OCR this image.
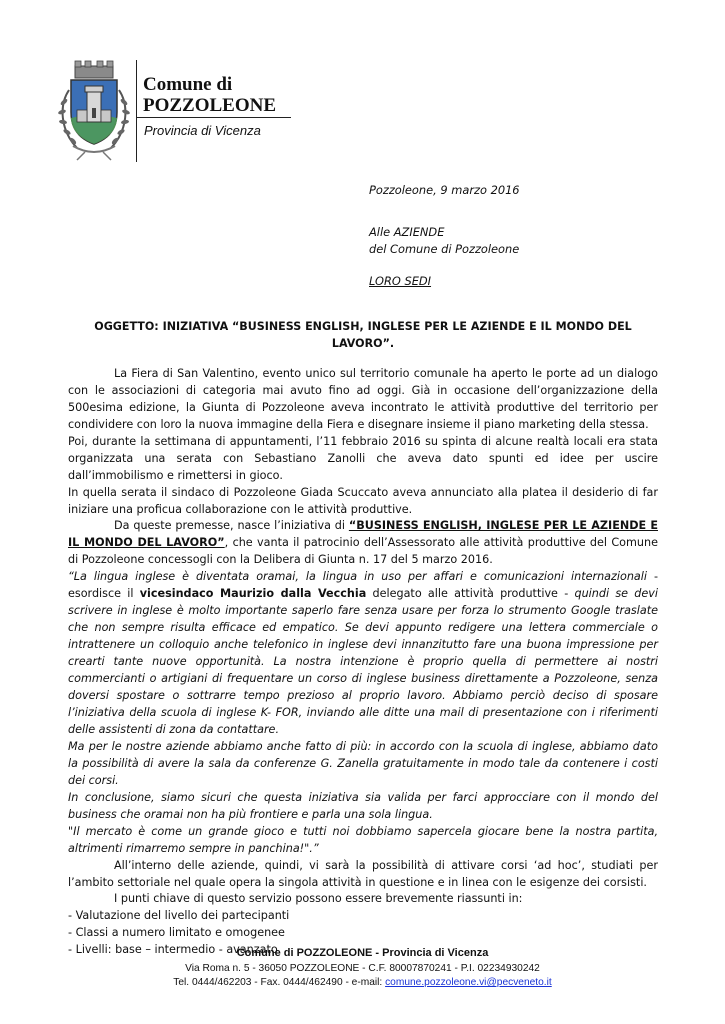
Comune di
POZZOLEONE
Provincia di Vicenza
Pozzoleone, 9 marzo 2016
Alle AZIENDE
del Comune di Pozzoleone
LORO SEDI

OGGETTO: INIZIATIVA “BUSINESS ENGLISH, INGLESE PER LE AZIENDE E IL MONDO DEL LAVORO”.

La Fiera di San Valentino, evento unico sul territorio comunale ha aperto le porte ad un dialogo con le associazioni di categoria mai avuto fino ad oggi. Già in occasione dell’organizzazione della 500esima edizione, la Giunta di Pozzoleone aveva incontrato le attività produttive del territorio per condividere con loro la nuova immagine della Fiera e disegnare insieme il piano marketing della stessa.

Poi, durante la settimana di appuntamenti, l’11 febbraio 2016 su spinta di alcune realtà locali era stata organizzata una serata con Sebastiano Zanolli che aveva dato spunti ed idee per uscire dall’immobilismo e rimettersi in gioco.

In quella serata il sindaco di Pozzoleone Giada Scuccato aveva annunciato alla platea il desiderio di far iniziare una proficua collaborazione con le attività produttive.

Da queste premesse, nasce l’iniziativa di “BUSINESS ENGLISH, INGLESE PER LE AZIENDE E IL MONDO DEL LAVORO”, che vanta il patrocinio dell’Assessorato alle attività produttive del Comune di Pozzoleone concessogli con la Delibera di Giunta n. 17 del 5 marzo 2016.

“La lingua inglese è diventata oramai, la lingua in uso per affari e comunicazioni internazionali - esordisce il vicesindaco Maurizio dalla Vecchia delegato alle attività produttive - quindi se devi scrivere in inglese è molto importante saperlo fare senza usare per forza lo strumento Google traslate che non sempre risulta efficace ed empatico. Se devi appunto redigere una lettera commerciale o intrattenere un colloquio anche telefonico in inglese devi innanzitutto fare una buona impressione per crearti tante nuove opportunità. La nostra intenzione è proprio quella di permettere ai nostri commercianti o artigiani di frequentare un corso di inglese business direttamente a Pozzoleone, senza doversi spostare o sottrarre tempo prezioso al proprio lavoro. Abbiamo perciò deciso di sposare l’iniziativa della scuola di inglese K- FOR, inviando alle ditte una mail di presentazione con i riferimenti delle assistenti di zona da contattare.

Ma per le nostre aziende abbiamo anche fatto di più: in accordo con la scuola di inglese, abbiamo dato la possibilità di avere la sala da conferenze G. Zanella gratuitamente in modo tale da contenere i costi dei corsi.

In conclusione, siamo sicuri che questa iniziativa sia valida per farci approcciare con il mondo del business che oramai non ha più frontiere e parla una sola lingua.

"Il mercato è come un grande gioco e tutti noi dobbiamo sapercela giocare bene la nostra partita, altrimenti rimarremo sempre in panchina!".”

All’interno delle aziende, quindi, vi sarà la possibilità di attivare corsi ‘ad hoc’, studiati per l’ambito settoriale nel quale opera la singola attività in questione e in linea con le esigenze dei corsisti.

I punti chiave di questo servizio possono essere brevemente riassunti in:

- Valutazione del livello dei partecipanti

- Classi a numero limitato e omogenee

- Livelli: base – intermedio - avanzato

Comune di POZZOLEONE - Provincia di Vicenza
Via Roma n. 5 - 36050 POZZOLEONE - C.F. 80007870241 - P.I. 02234930242
Tel. 0444/462203 - Fax. 0444/462490 - e-mail: comune.pozzoleone.vi@pecveneto.it
